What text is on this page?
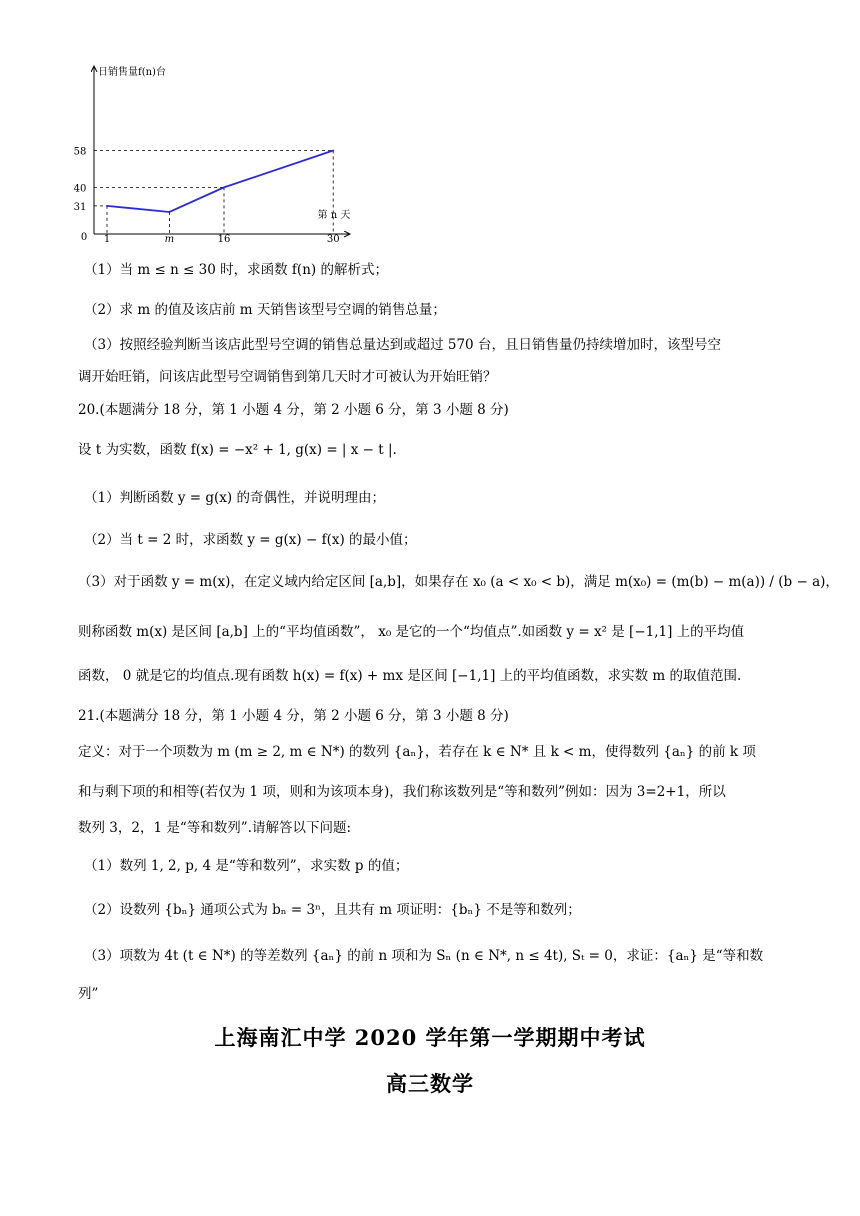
日销售量f(n)台
第 n 天
0 1	m	16	30
31
40
58
（1）当 m ≤ n ≤ 30 时，求函数 f(n) 的解析式；
（2）求 m 的值及该店前 m 天销售该型号空调的销售总量；
（3）按照经验判断当该店此型号空调的销售总量达到或超过 570 台，且日销售量仍持续增加时，该型号空
调开始旺销，问该店此型号空调销售到第几天时才可被认为开始旺销？
20.(本题满分 18 分，第 1 小题 4 分，第 2 小题 6 分，第 3 小题 8 分)
设 t 为实数，函数 f(x) = −x² + 1, g(x) = | x − t |.
（1）判断函数 y = g(x) 的奇偶性，并说明理由；
（2）当 t = 2 时，求函数 y = g(x) − f(x) 的最小值；
（3）对于函数 y = m(x)，在定义域内给定区间 [a,b]，如果存在 x₀ (a < x₀ < b)，满足 m(x₀) = (m(b) − m(a)) / (b − a)，
则称函数 m(x) 是区间 [a,b] 上的“平均值函数”， x₀ 是它的一个“均值点”.如函数 y = x² 是 [−1,1] 上的平均值
函数， 0 就是它的均值点.现有函数 h(x) = f(x) + mx 是区间 [−1,1] 上的平均值函数，求实数 m 的取值范围.
21.(本题满分 18 分，第 1 小题 4 分，第 2 小题 6 分，第 3 小题 8 分)
定义：对于一个项数为 m (m ≥ 2, m ∈ N*) 的数列 {aₙ}，若存在 k ∈ N* 且 k < m，使得数列 {aₙ} 的前 k 项
和与剩下项的和相等(若仅为 1 项，则和为该项本身)，我们称该数列是“等和数列”例如：因为 3=2+1，所以
数列 3，2，1 是“等和数列”.请解答以下问题:
（1）数列 1, 2, p, 4 是“等和数列”，求实数 p 的值；
（2）设数列 {bₙ} 通项公式为 bₙ = 3ⁿ，且共有 m 项证明：{bₙ} 不是等和数列；
（3）项数为 4t (t ∈ N*) 的等差数列 {aₙ} 的前 n 项和为 Sₙ (n ∈ N*, n ≤ 4t), Sₜ = 0，求证：{aₙ} 是“等和数
列”
上海南汇中学 2020 学年第一学期期中考试
高三数学
